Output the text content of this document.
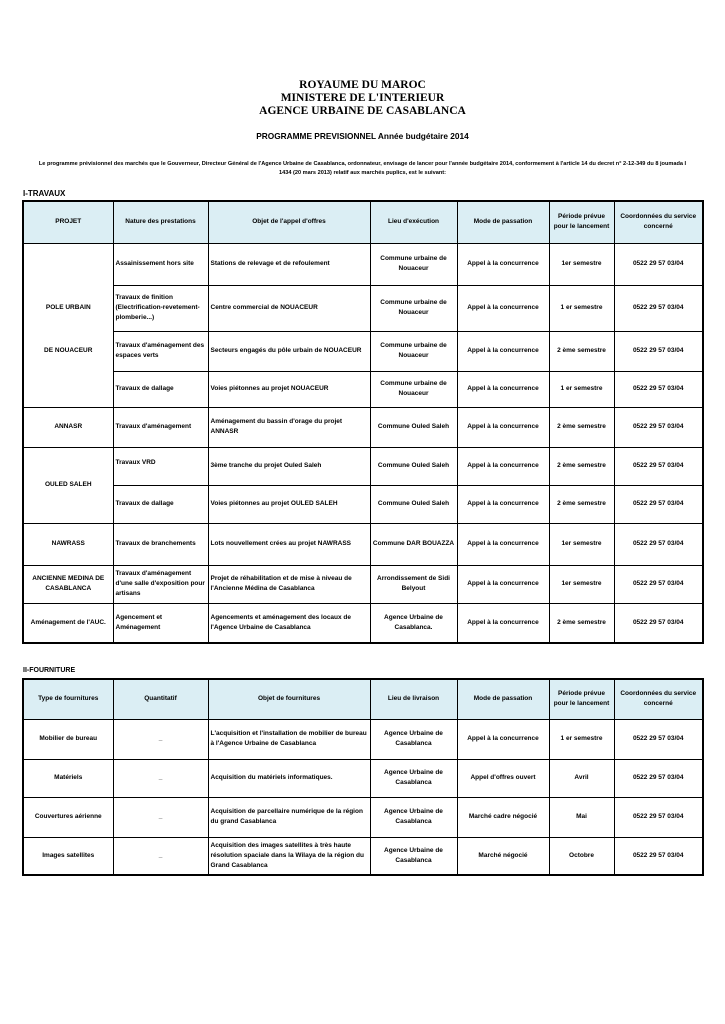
ROYAUME DU MAROC
MINISTERE DE L'INTERIEUR
AGENCE URBAINE DE CASABLANCA
PROGRAMME PREVISIONNEL Année budgétaire 2014
Le programme prévisionnel des marchés que le Gouverneur, Directeur Général de l'Agence Urbaine de Casablanca, ordonnateur, envisage de lancer pour l'année budgétaire 2014, conformement à l'article 14 du decret n° 2-12-349 du 8 joumada I 1434 (20 mars 2013) relatif aux marchés puplics, est le suivant:
I-TRAVAUX
PROJET	Nature des prestations	Objet de l'appel d'offres	Lieu d'exécution	Mode de passation	Période prévue pour le lancement	Coordonnées du service concerné
	Assainissement hors site	Stations de relevage et de refoulement	Commune urbaine de Nouaceur	Appel à la concurrence	1er semestre	0522 29 57 03/04
POLE URBAIN	Travaux de finition (Electrification-revetement-plomberie...)	Centre commercial de NOUACEUR	Commune urbaine de Nouaceur	Appel à la concurrence	1 er semestre	0522 29 57 03/04
DE NOUACEUR	Travaux d'aménagement des espaces verts	Secteurs engagés du pôle urbain de NOUACEUR	Commune urbaine de Nouaceur	Appel à la concurrence	2 ème semestre	0522 29 57 03/04
	Travaux de dallage	Voies piétonnes au projet NOUACEUR	Commune urbaine de Nouaceur	Appel à la concurrence	1 er semestre	0522 29 57 03/04
ANNASR	Travaux d'aménagement	Aménagement du bassin d'orage du projet ANNASR	Commune Ouled Saleh	Appel à la concurrence	2 ème semestre	0522 29 57 03/04
OULED SALEH	Travaux VRD	3ème tranche du projet Ouled Saleh	Commune Ouled Saleh	Appel à la concurrence	2 ème semestre	0522 29 57 03/04
	Travaux de dallage	Voies piétonnes au projet OULED SALEH	Commune Ouled Saleh	Appel à la concurrence	2 ème semestre	0522 29 57 03/04
NAWRASS	Travaux de branchements	Lots nouvellement crées au projet NAWRASS	Commune DAR BOUAZZA	Appel à la concurrence	1er semestre	0522 29 57 03/04
ANCIENNE MEDINA DE CASABLANCA	Travaux d'aménagement d'une salle d'exposition pour artisans	Projet de réhabilitation et de mise à niveau de l'Ancienne Médina de Casablanca	Arrondissement de Sidi Belyout	Appel à la concurrence	1er semestre	0522 29 57 03/04
Aménagement de l'AUC.	Agencement et Aménagement	Agencements et aménagement des locaux de l'Agence Urbaine de Casablanca	Agence Urbaine de Casablanca.	Appel à la concurrence	2 ème semestre	0522 29 57 03/04
II-FOURNITURE
Type de fournitures	Quantitatif	Objet de fournitures	Lieu de livraison	Mode de passation	Période prévue pour le lancement	Coordonnées du service concerné
Mobilier de bureau	_	L'acquisition et l'installation de mobilier de bureau à l'Agence Urbaine de Casablanca	Agence Urbaine de Casablanca	Appel à la concurrence	1 er semestre	0522 29 57 03/04
Matériels	_	Acquisition du matériels informatiques.	Agence Urbaine de Casablanca	Appel d'offres ouvert	Avril	0522 29 57 03/04
Couvertures aérienne	_	Acquisition de parcellaire numérique de la région du grand Casablanca	Agence Urbaine de Casablanca	Marché cadre négocié	Mai	0522 29 57 03/04
Images satellites	_	Acquisition des images satellites à très haute résolution spaciale dans la Wilaya de la région du Grand Casablanca	Agence Urbaine de Casablanca	Marché négocié	Octobre	0522 29 57 03/04
